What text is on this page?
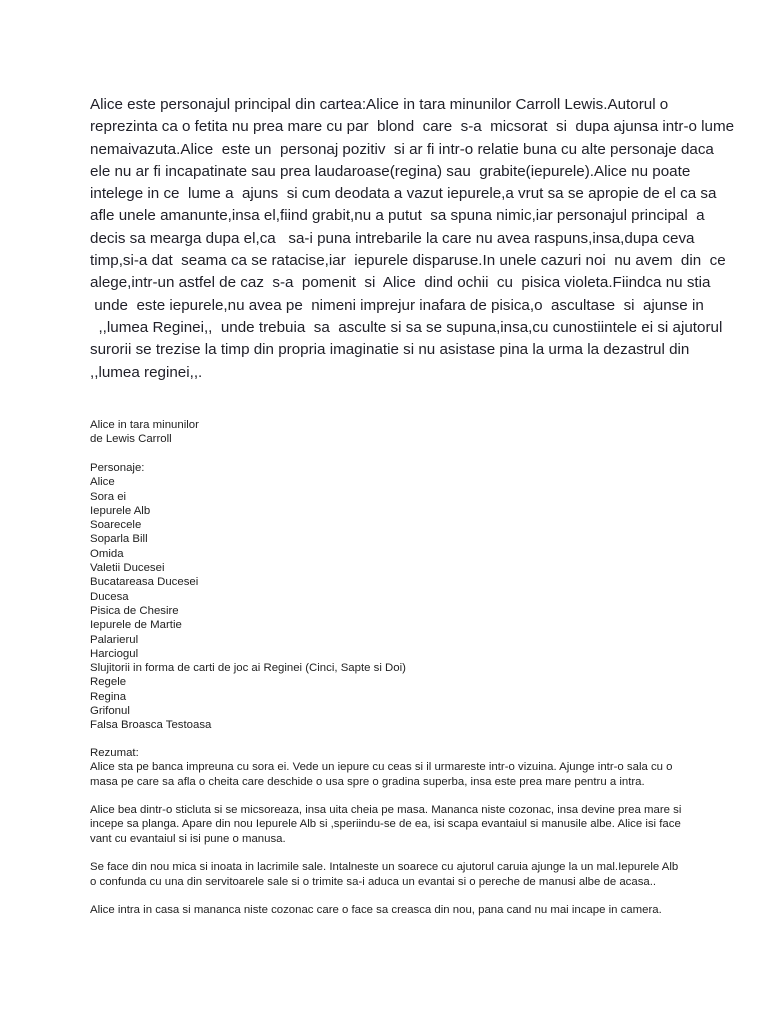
Alice este personajul principal din cartea:Alice in tara minunilor Carroll Lewis.Autorul o
reprezinta ca o fetita nu prea mare cu par  blond  care  s-a  micsorat  si  dupa ajunsa intr-o lume
nemaivazuta.Alice  este un  personaj pozitiv  si ar fi intr-o relatie buna cu alte personaje daca
ele nu ar fi incapatinate sau prea laudaroase(regina) sau  grabite(iepurele).Alice nu poate
intelege in ce  lume a  ajuns  si cum deodata a vazut iepurele,a vrut sa se apropie de el ca sa
afle unele amanunte,insa el,fiind grabit,nu a putut  sa spuna nimic,iar personajul principal  a
decis sa mearga dupa el,ca   sa-i puna intrebarile la care nu avea raspuns,insa,dupa ceva
timp,si-a dat  seama ca se ratacise,iar  iepurele disparuse.In unele cazuri noi  nu avem  din  ce
alege,intr-un astfel de caz  s-a  pomenit  si  Alice  dind ochii  cu  pisica violeta.Fiindca nu stia
unde  este iepurele,nu avea pe  nimeni imprejur inafara de pisica,o  ascultase  si  ajunse in
,,lumea Reginei,,  unde trebuia  sa  asculte si sa se supuna,insa,cu cunostiintele ei si ajutorul
surorii se trezise la timp din propria imaginatie si nu asistase pina la urma la dezastrul din
,,lumea reginei,,.
Alice in tara minunilor
de Lewis Carroll
Personaje:
Alice
Sora ei
Iepurele Alb
Soarecele
Soparla Bill
Omida
Valetii Ducesei
Bucatareasa Ducesei
Ducesa
Pisica de Chesire
Iepurele de Martie
Palarierul
Harciogul
Slujitorii in forma de carti de joc ai Reginei (Cinci, Sapte si Doi)
Regele
Regina
Grifonul
Falsa Broasca Testoasa
Rezumat:
Alice sta pe banca impreuna cu sora ei. Vede un iepure cu ceas si il urmareste intr-o vizuina. Ajunge intr-o sala cu o
masa pe care sa afla o cheita care deschide o usa spre o gradina superba, insa este prea mare pentru a intra.
Alice bea dintr-o sticluta si se micsoreaza, insa uita cheia pe masa. Mananca niste cozonac, insa devine prea mare si
incepe sa planga. Apare din nou Iepurele Alb si ,speriindu-se de ea, isi scapa evantaiul si manusile albe. Alice isi face
vant cu evantaiul si isi pune o manusa.
Se face din nou mica si inoata in lacrimile sale. Intalneste un soarece cu ajutorul caruia ajunge la un mal.Iepurele Alb
o confunda cu una din servitoarele sale si o trimite sa-i aduca un evantai si o pereche de manusi albe de acasa..
Alice intra in casa si mananca niste cozonac care o face sa creasca din nou, pana cand nu mai incape in camera.
